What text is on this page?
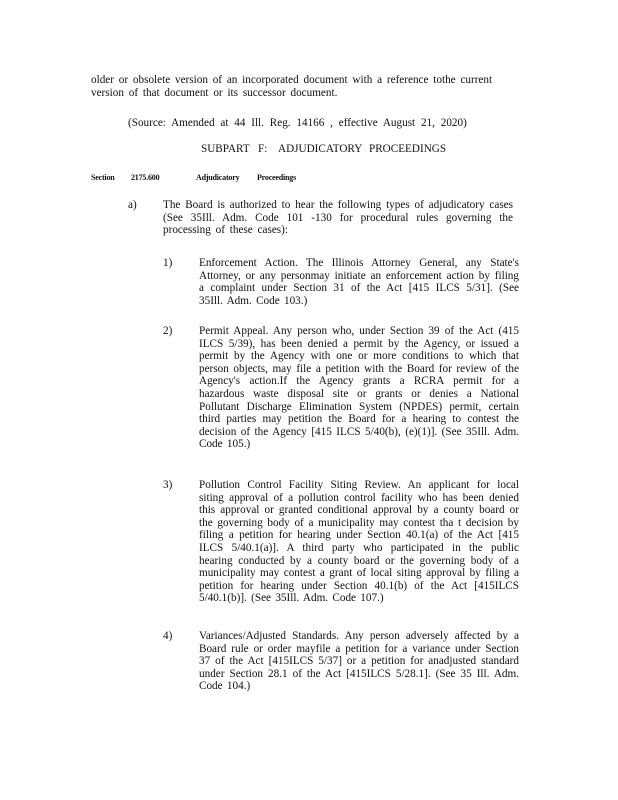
older or obsolete version of an incorporated document with a reference tothe current
version of that document or its successor document.
(Source: Amended at 44 Ill. Reg. 14166 , effective August 21, 2020)
SUBPART F: ADJUDICATORY PROCEEDINGS
Section 2175.600	Adjudicatory Proceedings
a) The Board is authorized to hear the following types of adjudicatory cases (See 35Ill. Adm. Code 101 -130 for procedural rules governing the processing of these cases):
1) Enforcement Action. The Illinois Attorney General, any State's Attorney, or any personmay initiate an enforcement action by filing a complaint under Section 31 of the Act [415 ILCS 5/31]. (See 35Ill. Adm. Code 103.)
2) Permit Appeal. Any person who, under Section 39 of the Act (415 ILCS 5/39), has been denied a permit by the Agency, or issued a permit by the Agency with one or more conditions to which that person objects, may file a petition with the Board for review of the Agency's action.If the Agency grants a RCRA permit for a hazardous waste disposal site or grants or denies a National Pollutant Discharge Elimination System (NPDES) permit, certain third parties may petition the Board for a hearing to contest the decision of the Agency [415 ILCS 5/40(b), (e)(1)]. (See 35Ill. Adm. Code 105.)
3) Pollution Control Facility Siting Review. An applicant for local siting approval of a pollution control facility who has been denied this approval or granted conditional approval by a county board or the governing body of a municipality may contest tha t decision by filing a petition for hearing under Section 40.1(a) of the Act [415 ILCS 5/40.1(a)]. A third party who participated in the public hearing conducted by a county board or the governing body of a municipality may contest a grant of local siting approval by filing a petition for hearing under Section 40.1(b) of the Act [415ILCS 5/40.1(b)]. (See 35Ill. Adm. Code 107.)
4) Variances/Adjusted Standards. Any person adversely affected by a Board rule or order mayfile a petition for a variance under Section 37 of the Act [415ILCS 5/37] or a petition for anadjusted standard under Section 28.1 of the Act [415ILCS 5/28.1]. (See 35 Ill. Adm. Code 104.)
